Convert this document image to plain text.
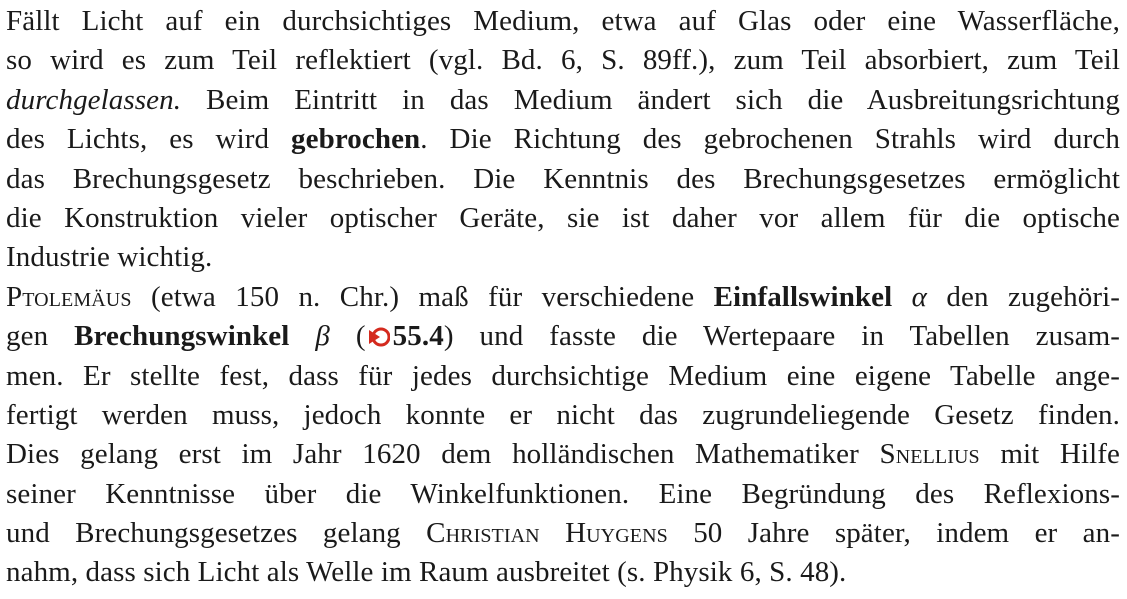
Fällt Licht auf ein durchsichtiges Medium, etwa auf Glas oder eine Wasserfläche,
so wird es zum Teil reflektiert (vgl. Bd. 6, S. 89ff.), zum Teil absorbiert, zum Teil
durchgelassen. Beim Eintritt in das Medium ändert sich die Ausbreitungsrichtung
des Lichts, es wird gebrochen. Die Richtung des gebrochenen Strahls wird durch
das Brechungsgesetz beschrieben. Die Kenntnis des Brechungsgesetzes ermöglicht
die Konstruktion vieler optischer Geräte, sie ist daher vor allem für die optische
Industrie wichtig.
Ptolemäus (etwa 150 n. Chr.) maß für verschiedene Einfallswinkel α den zugehöri-
gen Brechungswinkel β ( 55.4) und fasste die Wertepaare in Tabellen zusam-
men. Er stellte fest, dass für jedes durchsichtige Medium eine eigene Tabelle ange-
fertigt werden muss, jedoch konnte er nicht das zugrundeliegende Gesetz finden.
Dies gelang erst im Jahr 1620 dem holländischen Mathematiker Snellius mit Hilfe
seiner Kenntnisse über die Winkelfunktionen. Eine Begründung des Reflexions-
und Brechungsgesetzes gelang Christian Huygens 50 Jahre später, indem er an-
nahm, dass sich Licht als Welle im Raum ausbreitet (s. Physik 6, S. 48).
